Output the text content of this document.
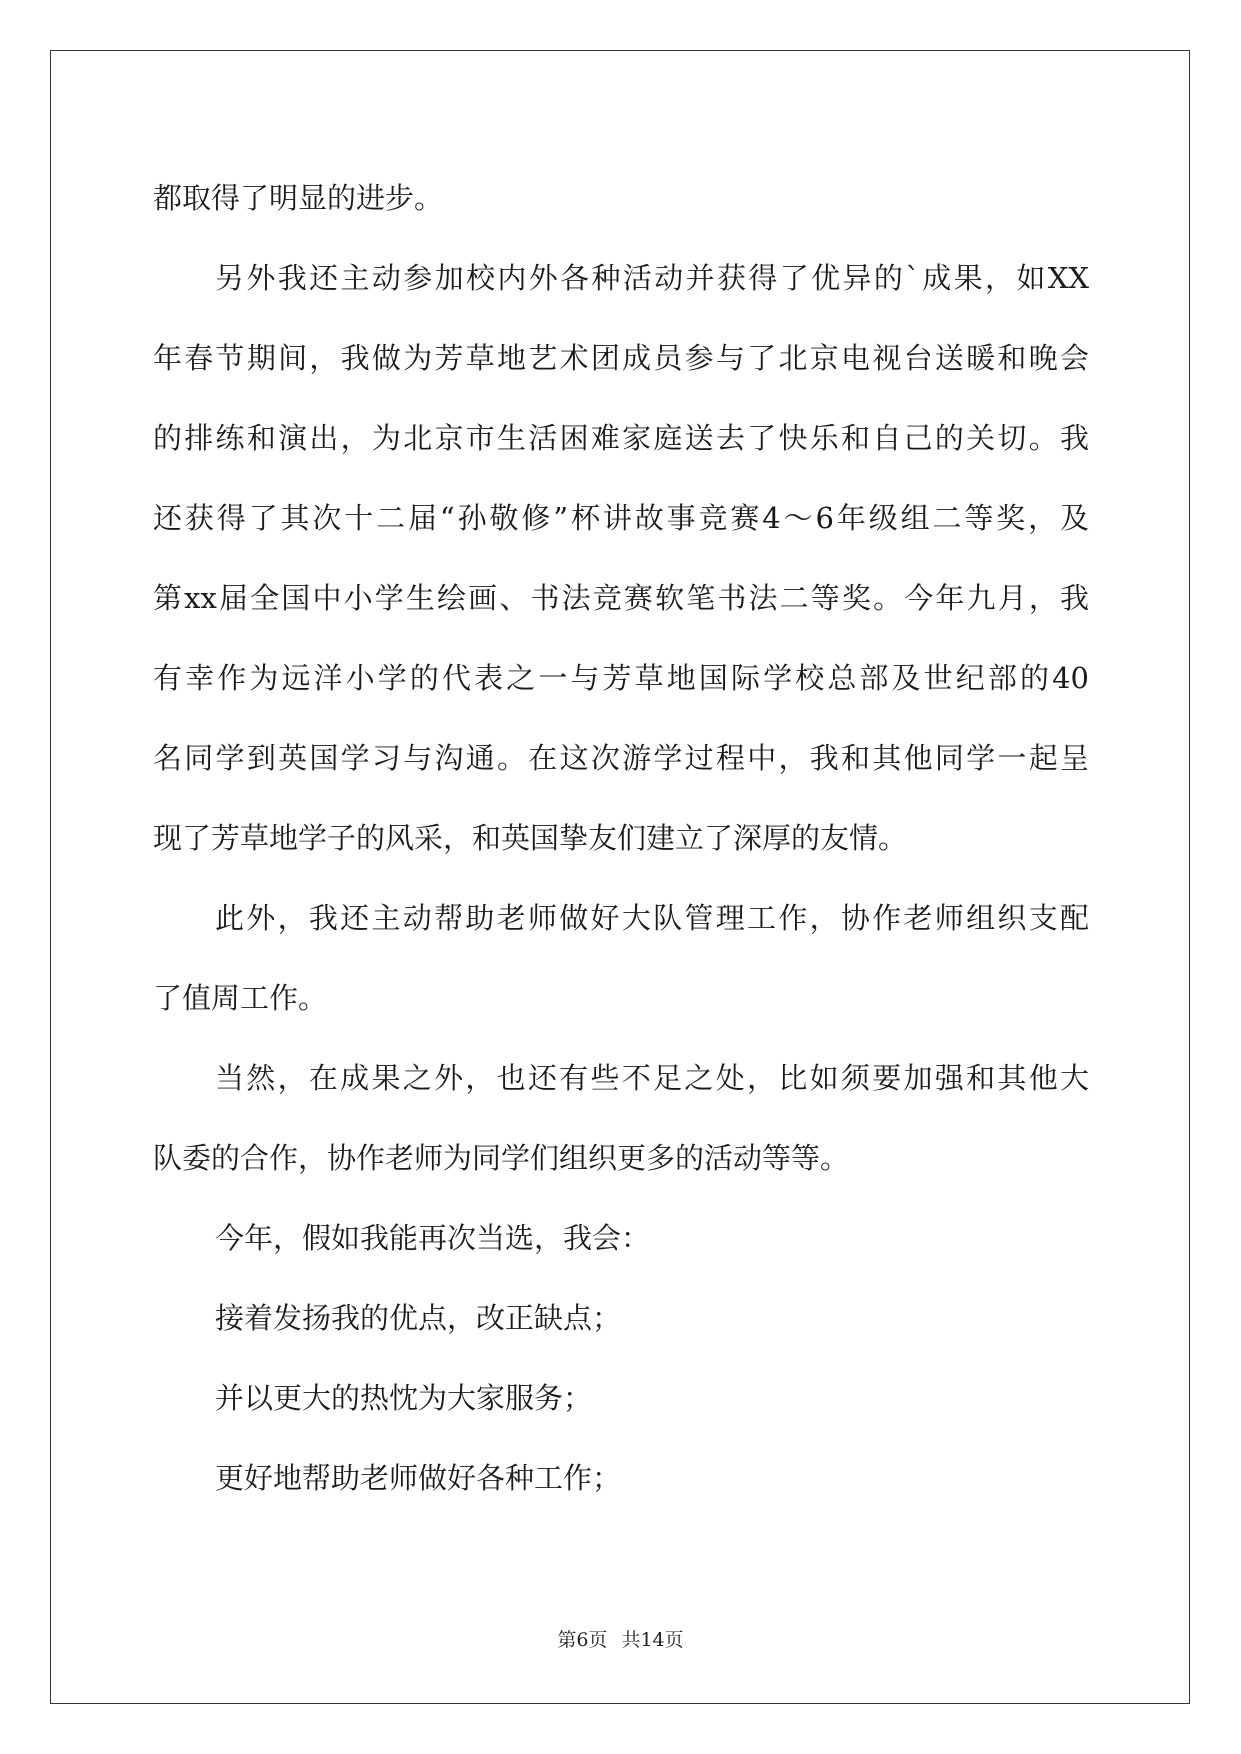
都取得了明显的进步。
另外我还主动参加校内外各种活动并获得了优异的`成果，如XX
年春节期间，我做为芳草地艺术团成员参与了北京电视台送暖和晚会
的排练和演出，为北京市生活困难家庭送去了快乐和自己的关切。我
还获得了其次十二届“孙敬修”杯讲故事竞赛4～6年级组二等奖，及
第xx届全国中小学生绘画、书法竞赛软笔书法二等奖。今年九月，我
有幸作为远洋小学的代表之一与芳草地国际学校总部及世纪部的40
名同学到英国学习与沟通。在这次游学过程中，我和其他同学一起呈
现了芳草地学子的风采，和英国挚友们建立了深厚的友情。
此外，我还主动帮助老师做好大队管理工作，协作老师组织支配
了值周工作。
当然，在成果之外，也还有些不足之处，比如须要加强和其他大
队委的合作，协作老师为同学们组织更多的活动等等。
今年，假如我能再次当选，我会：
接着发扬我的优点，改正缺点；
并以更大的热忱为大家服务；
更好地帮助老师做好各种工作；
第6页 共14页
